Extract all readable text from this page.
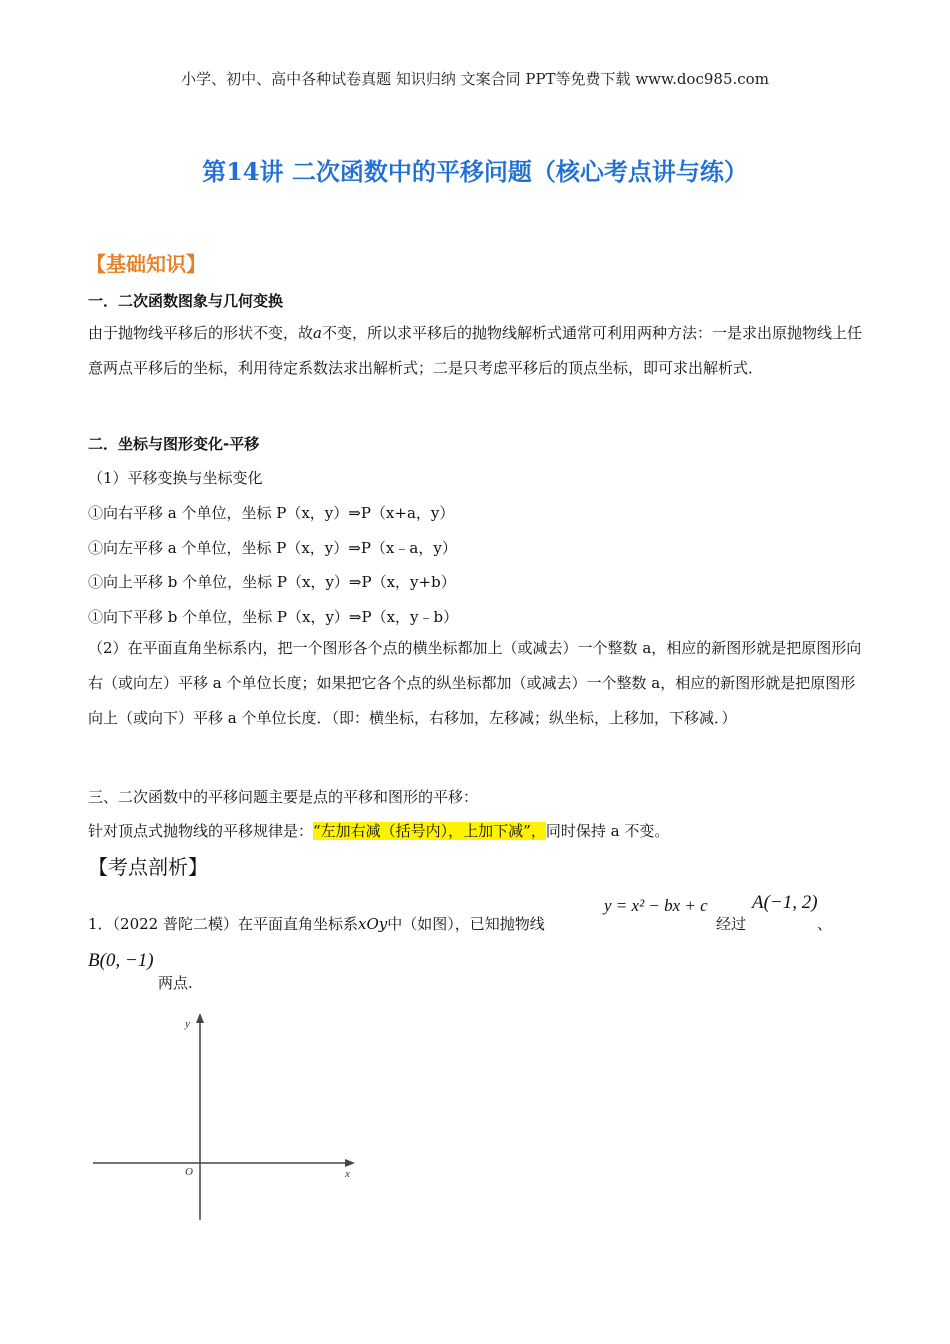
小学、初中、高中各种试卷真题 知识归纳 文案合同 PPT等免费下载 www.doc985.com
第14讲 二次函数中的平移问题（核心考点讲与练）
【基础知识】
一．二次函数图象与几何变换
由于抛物线平移后的形状不变，故a不变，所以求平移后的抛物线解析式通常可利用两种方法：一是求出原抛物线上任意两点平移后的坐标，利用待定系数法求出解析式；二是只考虑平移后的顶点坐标，即可求出解析式．
二．坐标与图形变化-平移
（1）平移变换与坐标变化
①向右平移 a 个单位，坐标 P（x，y）⇒P（x+a，y）
①向左平移 a 个单位，坐标 P（x，y）⇒P（x﹣a，y）
①向上平移 b 个单位，坐标 P（x，y）⇒P（x，y+b）
①向下平移 b 个单位，坐标 P（x，y）⇒P（x，y﹣b）
（2）在平面直角坐标系内，把一个图形各个点的横坐标都加上（或减去）一个整数 a，相应的新图形就是把原图形向右（或向左）平移 a 个单位长度；如果把它各个点的纵坐标都加（或减去）一个整数 a，相应的新图形就是把原图形向上（或向下）平移 a 个单位长度．（即：横坐标，右移加，左移减；纵坐标，上移加，下移减．）
三、二次函数中的平移问题主要是点的平移和图形的平移：
针对顶点式抛物线的平移规律是：“左加右减（括号内），上加下减”，同时保持 a 不变。
【考点剖析】
1．（2022 普陀二模）在平面直角坐标系xOy中（如图），已知抛物线
y = x² − bx + c
经过
A(−1, 2)
、
B(0, −1)
两点.
y
x
O
